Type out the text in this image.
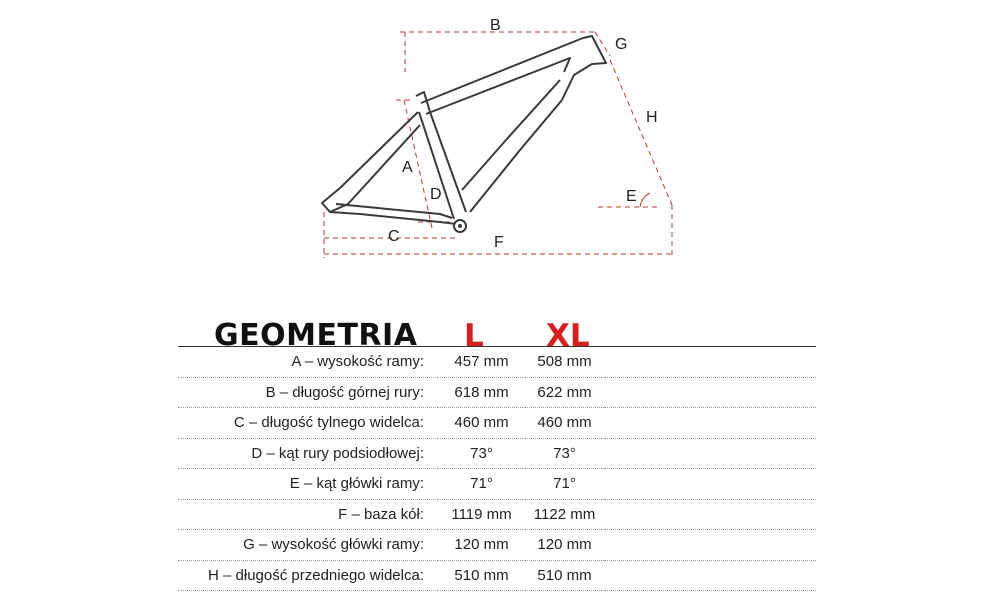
B
G
H
A
D	E
C	F
GEOMETRIA L XL
A – wysokość ramy:	457 mm	508 mm	
B – długość górnej rury:	618 mm	622 mm	
C – długość tylnego widelca:	460 mm	460 mm	
D – kąt rury podsiodłowej:	73°	73°	
E – kąt główki ramy:	71°	71°	
F – baza kół:	1119 mm	1122 mm	
G – wysokość główki ramy:	120 mm	120 mm	
H – długość przedniego widelca:	510 mm	510 mm	
